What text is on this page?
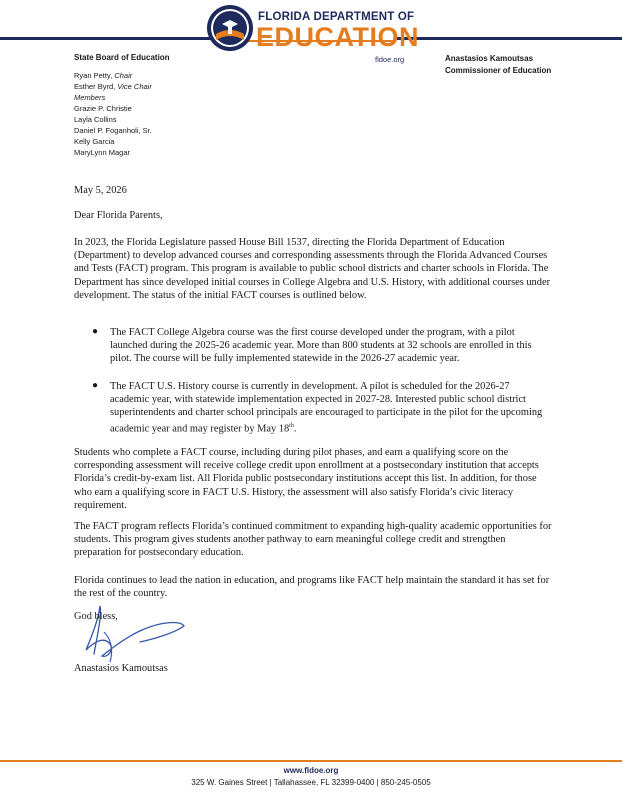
FLORIDA DEPARTMENT OF
EDUCATION
fldoe.org
State Board of Education	Anastasios Kamoutsas
Commissioner of Education
Ryan Petty, Chair
Esther Byrd, Vice Chair
Members
Grazie P. Christie
Layla Collins
Daniel P. Foganholi, Sr.
Kelly Garcia
MaryLynn Magar
May 5, 2026
Dear Florida Parents,
In 2023, the Florida Legislature passed House Bill 1537, directing the Florida Department of Education (Department) to develop advanced courses and corresponding assessments through the Florida Advanced Courses and Tests (FACT) program. This program is available to public school districts and charter schools in Florida. The Department has since developed initial courses in College Algebra and U.S. History, with additional courses under development. The status of the initial FACT courses is outlined below.
● The FACT College Algebra course was the first course developed under the program, with a pilot launched during the 2025-26 academic year. More than 800 students at 32 schools are enrolled in this pilot. The course will be fully implemented statewide in the 2026-27 academic year.
● The FACT U.S. History course is currently in development. A pilot is scheduled for the 2026-27 academic year, with statewide implementation expected in 2027-28. Interested public school district superintendents and charter school principals are encouraged to participate in the pilot for the upcoming academic year and may register by May 18th.
Students who complete a FACT course, including during pilot phases, and earn a qualifying score on the corresponding assessment will receive college credit upon enrollment at a postsecondary institution that accepts Florida’s credit-by-exam list. All Florida public postsecondary institutions accept this list. In addition, for those who earn a qualifying score in FACT U.S. History, the assessment will also satisfy Florida’s civic literacy requirement.
The FACT program reflects Florida’s continued commitment to expanding high-quality academic opportunities for students. This program gives students another pathway to earn meaningful college credit and strengthen preparation for postsecondary education.
Florida continues to lead the nation in education, and programs like FACT help maintain the standard it has set for the rest of the country.
God bless,
Anastasios Kamoutsas
www.fldoe.org
325 W. Gaines Street | Tallahassee, FL 32399-0400 | 850-245-0505
